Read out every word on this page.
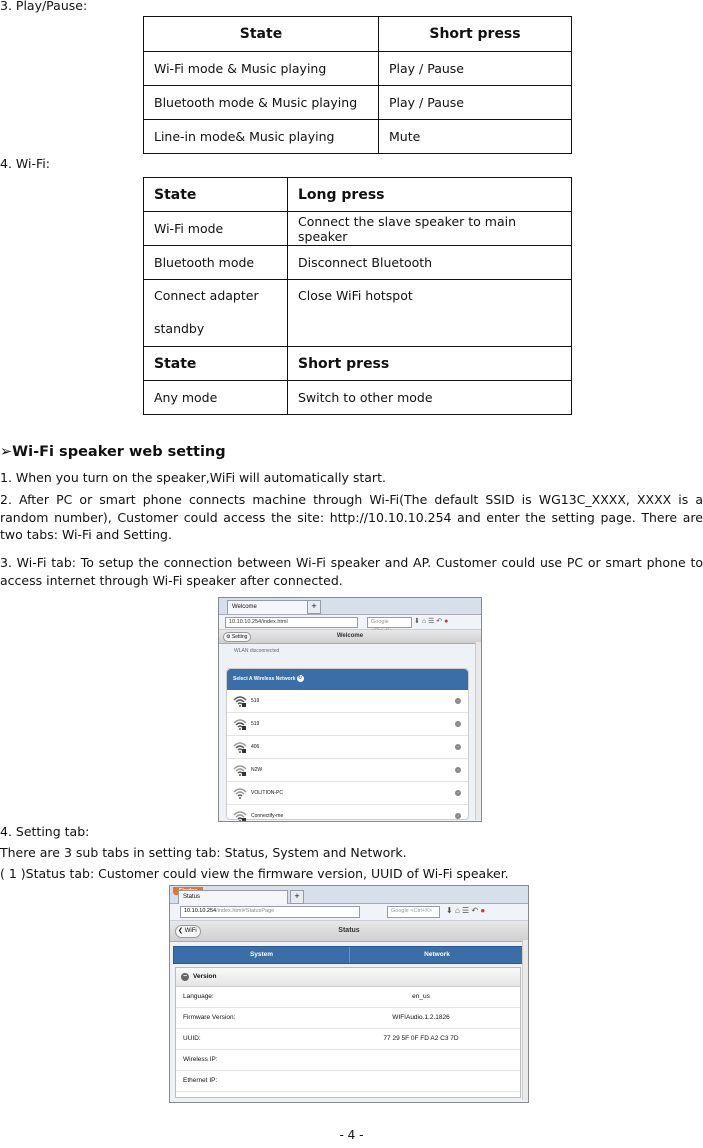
3. Play/Pause:
State	Short press
Wi-Fi mode & Music playing	Play / Pause
Bluetooth mode & Music playing	Play / Pause
Line-in mode& Music playing	Mute
4. Wi-Fi:
State	Long press
Wi-Fi mode	Connect the slave speaker to main speaker
Bluetooth mode	Disconnect Bluetooth

Connect adapter
standby	Close WiFi hotspot

State	Short press
Any mode	Switch to other mode
➢Wi-Fi speaker web setting
1. When you turn on the speaker,WiFi will automatically start.
2. After PC or smart phone connects machine through Wi-Fi(The default SSID is WG13C_XXXX, XXXX is a random number), Customer could access the site: http://10.10.10.254 and enter the setting page. There are two tabs: Wi-Fi and Setting.
3. Wi-Fi tab: To setup the connection between Wi-Fi speaker and AP. Customer could use PC or smart phone to access internet through Wi-Fi speaker after connected.
Welcome	+
10.10.10.254/index.html	Google	⬇ ⌂ ☰ ↶ ●
Welcome
⚙ Setting
WLAN disconnected
Select A Wireless Network ↻
519	›
519	›
406	›
N2W	›
VOLITION-PC	›
Connectify-me	›
4. Setting tab:
There are 3 sub tabs in setting tab: Status, System and Network.
( 1 )Status tab: Customer could view the firmware version, UUID of Wi-Fi speaker.
Status	+
10.10.10.254/index.html#StatusPage	Google <Ctrl+K>	⬇ ⌂ ☰ ↶ ●
Status
❮ WiFi
System	Network
− Version
Language:	en_us
Firmware Version:	WIFIAudio.1.2.1826
UUID:	77 29 5F 0F FD A2 C3 7D
Wireless IP:
Ethernet IP:
- 4 -
